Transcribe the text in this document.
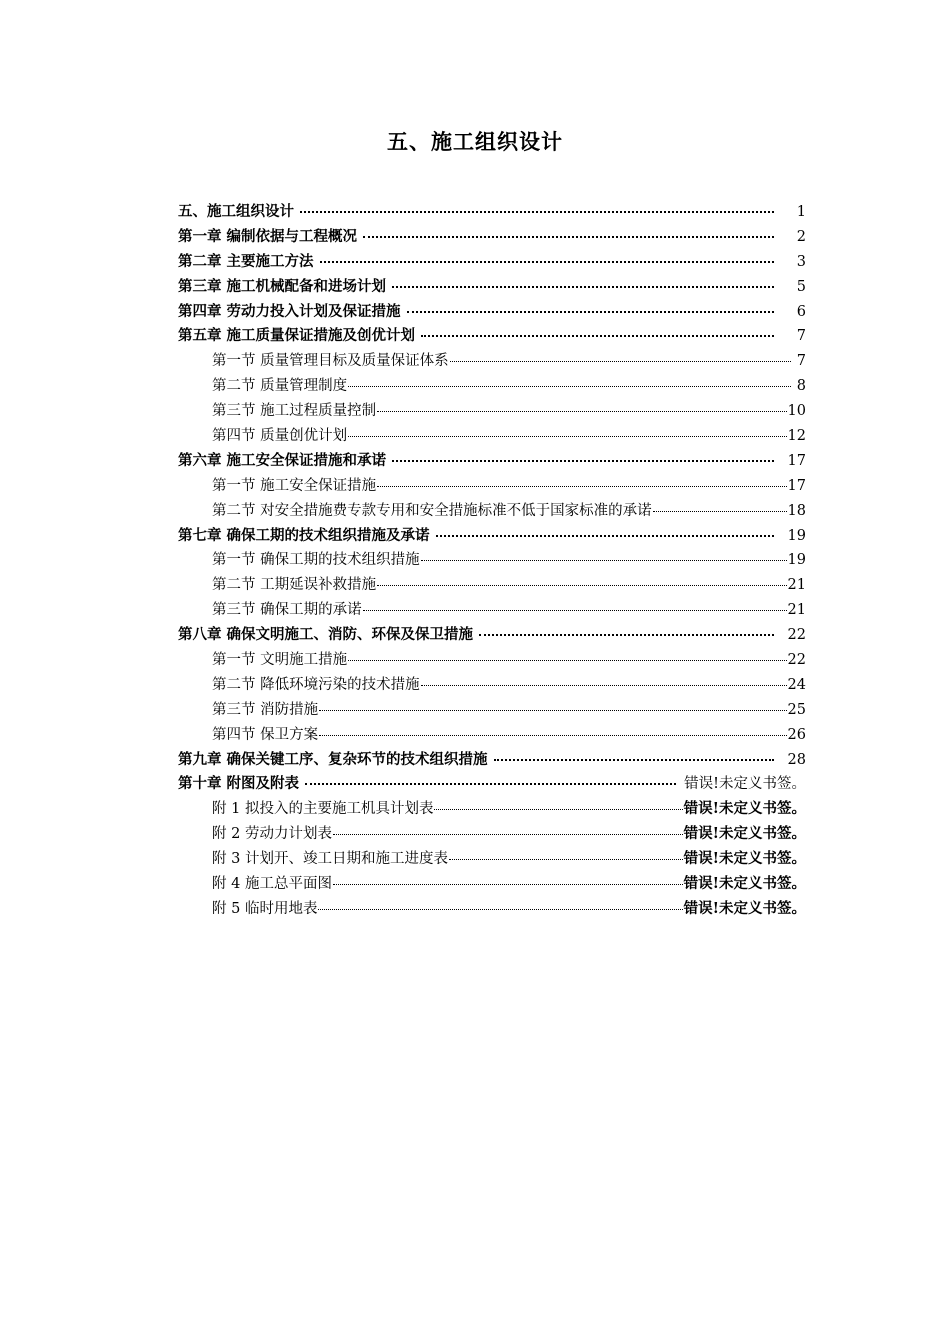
五、施工组织设计
五、施工组织设计	1
第一章 编制依据与工程概况	2
第二章 主要施工方法	3
第三章 施工机械配备和进场计划	5
第四章 劳动力投入计划及保证措施	6
第五章 施工质量保证措施及创优计划	7
第一节 质量管理目标及质量保证体系	7
第二节 质量管理制度	8
第三节 施工过程质量控制	10
第四节 质量创优计划	12
第六章 施工安全保证措施和承诺	17
第一节 施工安全保证措施	17
第二节 对安全措施费专款专用和安全措施标准不低于国家标准的承诺	18
第七章 确保工期的技术组织措施及承诺	19
第一节 确保工期的技术组织措施	19
第二节 工期延误补救措施	21
第三节 确保工期的承诺	21
第八章 确保文明施工、消防、环保及保卫措施	22
第一节 文明施工措施	22
第二节 降低环境污染的技术措施	24
第三节 消防措施	25
第四节 保卫方案	26
第九章 确保关键工序、复杂环节的技术组织措施	28
第十章 附图及附表	错误!未定义书签。
附 1 拟投入的主要施工机具计划表	错误!未定义书签。
附 2 劳动力计划表	错误!未定义书签。
附 3 计划开、竣工日期和施工进度表	错误!未定义书签。
附 4 施工总平面图	错误!未定义书签。
附 5 临时用地表	错误!未定义书签。
